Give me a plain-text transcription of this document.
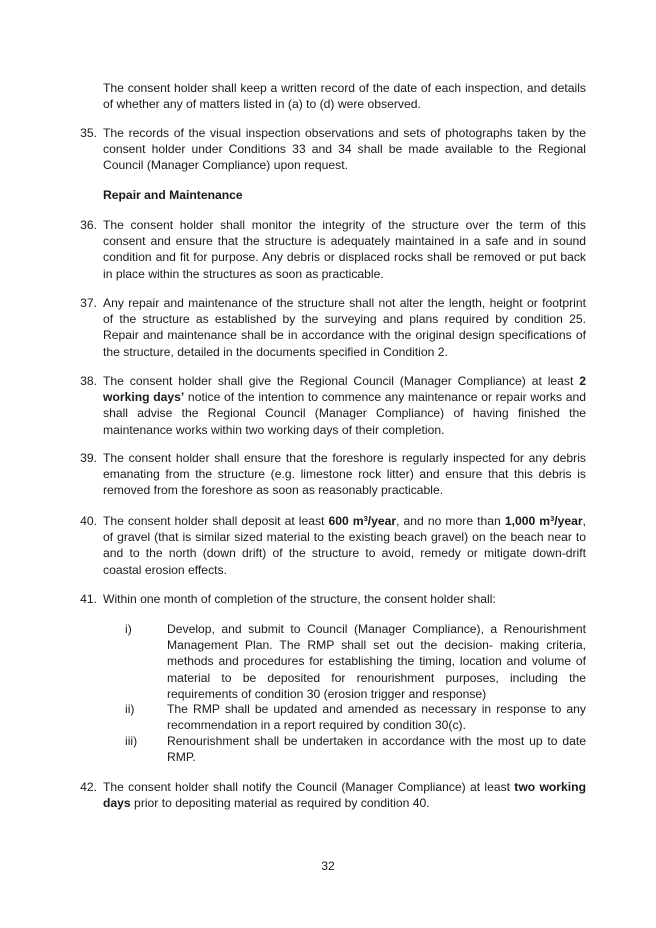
The consent holder shall keep a written record of the date of each inspection, and details of whether any of matters listed in (a) to (d) were observed.

35. The records of the visual inspection observations and sets of photographs taken by the consent holder under Conditions 33 and 34 shall be made available to the Regional Council (Manager Compliance) upon request.

Repair and Maintenance

36. The consent holder shall monitor the integrity of the structure over the term of this consent and ensure that the structure is adequately maintained in a safe and in sound condition and fit for purpose. Any debris or displaced rocks shall be removed or put back in place within the structures as soon as practicable.

37. Any repair and maintenance of the structure shall not alter the length, height or footprint of the structure as established by the surveying and plans required by condition 25. Repair and maintenance shall be in accordance with the original design specifications of the structure, detailed in the documents specified in Condition 2.

38. The consent holder shall give the Regional Council (Manager Compliance) at least 2 working days’ notice of the intention to commence any maintenance or repair works and shall advise the Regional Council (Manager Compliance) of having finished the maintenance works within two working days of their completion.

39. The consent holder shall ensure that the foreshore is regularly inspected for any debris emanating from the structure (e.g. limestone rock litter) and ensure that this debris is removed from the foreshore as soon as reasonably practicable.

40. The consent holder shall deposit at least 600 $m^3$/year, and no more than 1,000 $m^3$/year, of gravel (that is similar sized material to the existing beach gravel) on the beach near to and to the north (down drift) of the structure to avoid, remedy or mitigate down-drift coastal erosion effects.

41. Within one month of completion of the structure, the consent holder shall:

i)	Develop, and submit to Council (Manager Compliance), a Renourishment Management Plan. The RMP shall set out the decision- making criteria, methods and procedures for establishing the timing, location and volume of material to be deposited for renourishment purposes, including the requirements of condition 30 (erosion trigger and response)

ii)	The RMP shall be updated and amended as necessary in response to any recommendation in a report required by condition 30(c).

iii) Renourishment shall be undertaken in accordance with the most up to date RMP.

42. The consent holder shall notify the Council (Manager Compliance) at least two working days prior to depositing material as required by condition 40.

32
